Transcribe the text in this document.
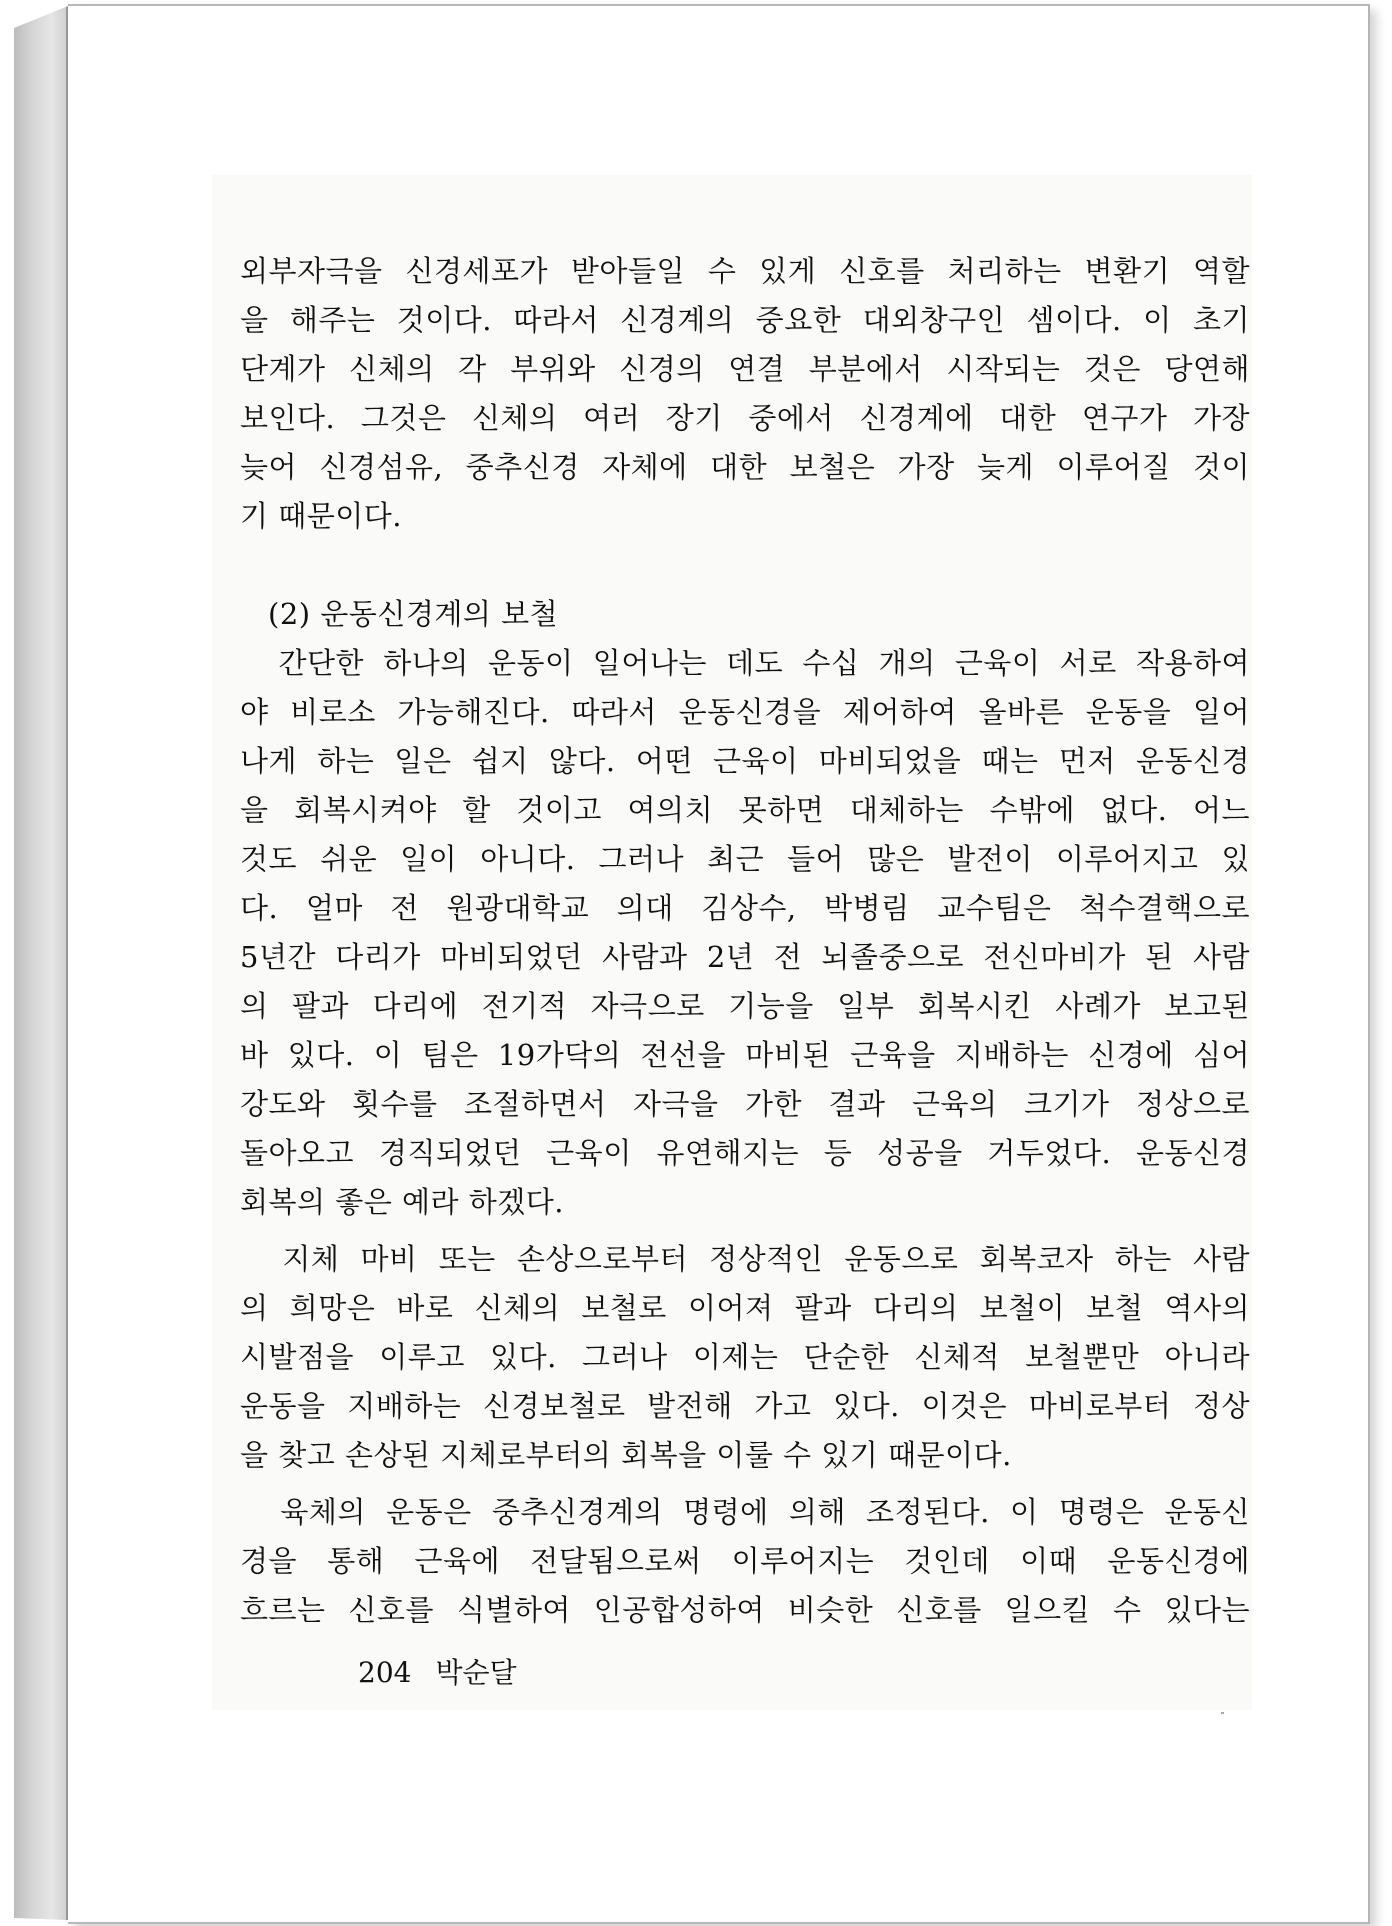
외부자극을 신경세포가 받아들일 수 있게 신호를 처리하는 변환기 역할
을 해주는 것이다. 따라서 신경계의 중요한 대외창구인 셈이다. 이 초기
단계가 신체의 각 부위와 신경의 연결 부분에서 시작되는 것은 당연해
보인다. 그것은 신체의 여러 장기 중에서 신경계에 대한 연구가 가장
늦어 신경섬유, 중추신경 자체에 대한 보철은 가장 늦게 이루어질 것이
기 때문이다.
(2) 운동신경계의 보철
간단한 하나의 운동이 일어나는 데도 수십 개의 근육이 서로 작용하여
야 비로소 가능해진다. 따라서 운동신경을 제어하여 올바른 운동을 일어
나게 하는 일은 쉽지 않다. 어떤 근육이 마비되었을 때는 먼저 운동신경
을 회복시켜야 할 것이고 여의치 못하면 대체하는 수밖에 없다. 어느
것도 쉬운 일이 아니다. 그러나 최근 들어 많은 발전이 이루어지고 있
다. 얼마 전 원광대학교 의대 김상수, 박병림 교수팀은 척수결핵으로
5년간 다리가 마비되었던 사람과 2년 전 뇌졸중으로 전신마비가 된 사람
의 팔과 다리에 전기적 자극으로 기능을 일부 회복시킨 사례가 보고된
바 있다. 이 팀은 19가닥의 전선을 마비된 근육을 지배하는 신경에 심어
강도와 횟수를 조절하면서 자극을 가한 결과 근육의 크기가 정상으로
돌아오고 경직되었던 근육이 유연해지는 등 성공을 거두었다. 운동신경
회복의 좋은 예라 하겠다.
지체 마비 또는 손상으로부터 정상적인 운동으로 회복코자 하는 사람
의 희망은 바로 신체의 보철로 이어져 팔과 다리의 보철이 보철 역사의
시발점을 이루고 있다. 그러나 이제는 단순한 신체적 보철뿐만 아니라
운동을 지배하는 신경보철로 발전해 가고 있다. 이것은 마비로부터 정상
을 찾고 손상된 지체로부터의 회복을 이룰 수 있기 때문이다.
육체의 운동은 중추신경계의 명령에 의해 조정된다. 이 명령은 운동신
경을 통해 근육에 전달됨으로써 이루어지는 것인데 이때 운동신경에
흐르는 신호를 식별하여 인공합성하여 비슷한 신호를 일으킬 수 있다는
204 박순달
